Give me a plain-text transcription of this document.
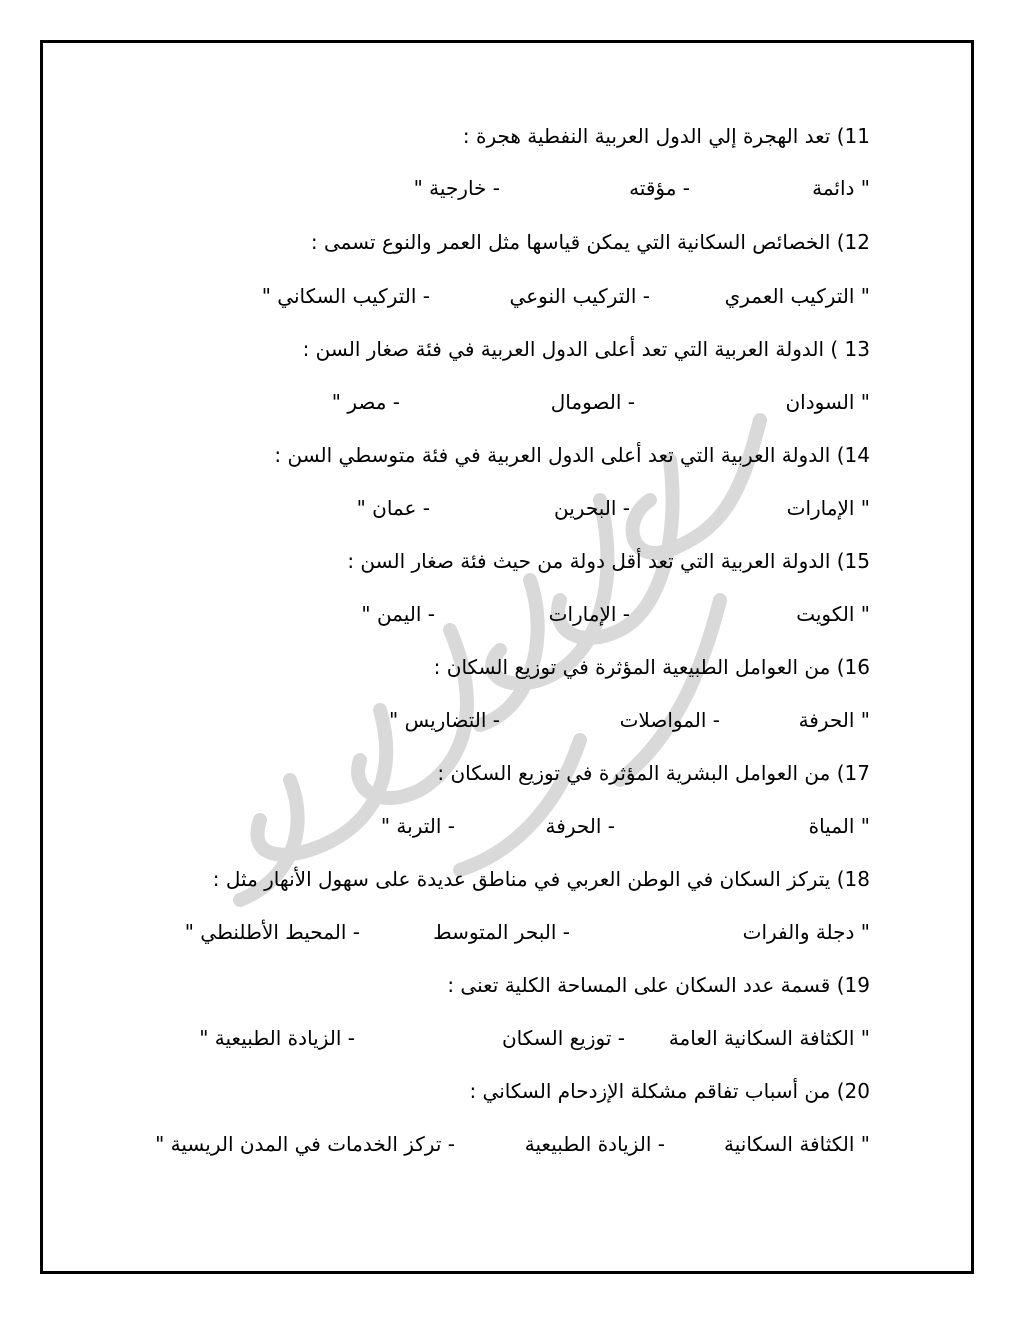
11) تعد الهجرة إلي الدول العربية النفطية هجرة :
" دائمة
- مؤقته
- خارجية "
12) الخصائص السكانية التي يمكن قياسها مثل العمر والنوع تسمى :
" التركيب العمري
- التركيب النوعي
- التركيب السكاني "
13 ) الدولة العربية التي تعد أعلى الدول العربية في فئة صغار السن :
" السودان
- الصومال
- مصر "
14) الدولة العربية التي تعد أعلى الدول العربية في فئة متوسطي السن :
" الإمارات
- البحرين
- عمان "
15) الدولة العربية التي تعد أقل دولة من حيث فئة صغار السن :
" الكويت
- الإمارات
- اليمن "
16) من العوامل الطبيعية المؤثرة في توزيع السكان :
" الحرفة
- المواصلات
- التضاريس "
17) من العوامل البشرية المؤثرة في توزيع السكان :
" المياة
- الحرفة
- التربة "
18) يتركز السكان في الوطن العربي في مناطق عديدة على سهول الأنهار مثل :
" دجلة والفرات
- البحر المتوسط
- المحيط الأطلنطي "
19) قسمة عدد السكان على المساحة الكلية تعنى :
" الكثافة السكانية العامة
- توزيع السكان
- الزيادة الطبيعية "
20) من أسباب تفاقم مشكلة الإزدحام السكاني :
" الكثافة السكانية
- الزيادة الطبيعية
- تركز الخدمات في المدن الريسية "
